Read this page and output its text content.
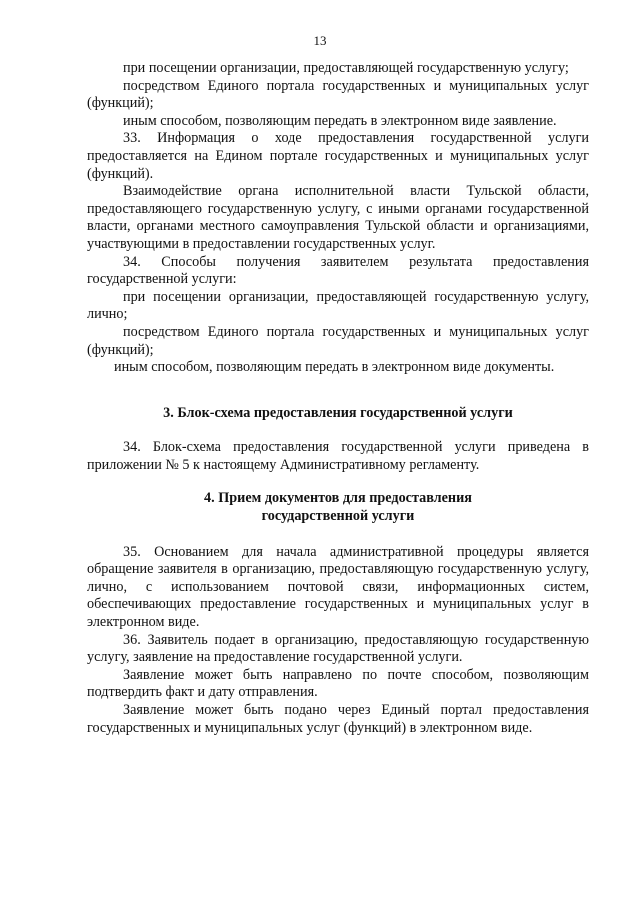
13

при посещении организации, предоставляющей государственную услугу;

посредством Единого портала государственных и муниципальных услуг (функций);

иным способом, позволяющим передать в электронном виде заявление.

33. Информация о ходе предоставления государственной услуги предоставляется на Едином портале государственных и муниципальных услуг (функций).

Взаимодействие органа исполнительной власти Тульской области, предоставляющего государственную услугу, с иными органами государственной власти, органами местного самоуправления Тульской области и организациями, участвующими в предоставлении государственных услуг.

34. Способы получения заявителем результата предоставления государственной услуги:

при посещении организации, предоставляющей государственную услугу, лично;

посредством Единого портала государственных и муниципальных услуг (функций);

иным способом, позволяющим передать в электронном виде документы.

3. Блок-схема предоставления государственной услуги

34. Блок-схема предоставления государственной услуги приведена в приложении № 5 к настоящему Административному регламенту.

4. Прием документов для предоставления
государственной услуги

35. Основанием для начала административной процедуры является обращение заявителя в организацию, предоставляющую государственную услугу, лично, с использованием почтовой связи, информационных систем, обеспечивающих предоставление государственных и муниципальных услуг в электронном виде.

36. Заявитель подает в организацию, предоставляющую государственную услугу, заявление на предоставление государственной услуги.

Заявление может быть направлено по почте способом, позволяющим подтвердить факт и дату отправления.

Заявление может быть подано через Единый портал предоставления государственных и муниципальных услуг (функций) в электронном виде.
